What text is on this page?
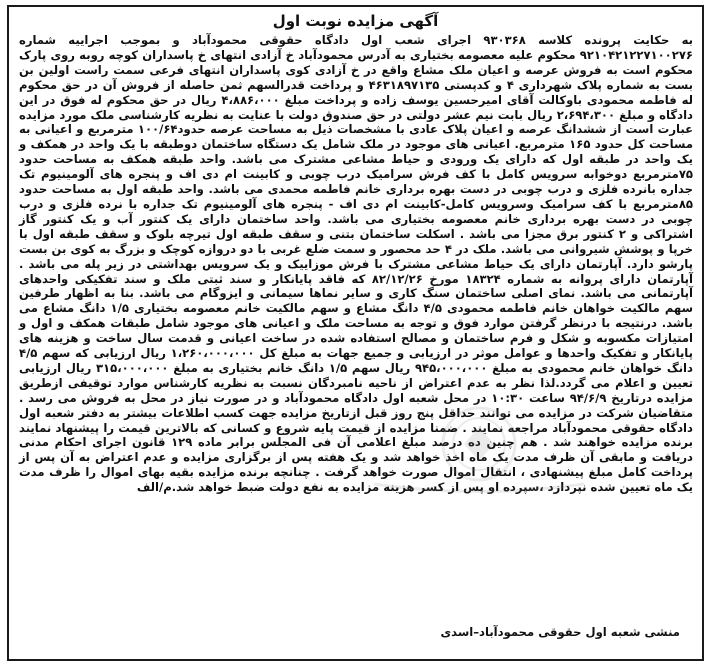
آگهی مزایده نوبت اول
به حکایت پرونده کلاسه ۹۳۰۳۶۸ اجرای شعب اول دادگاه حقوقی محمودآباد و بموجب اجراییه شماره ۹۲۱۰۴۲۱۲۲۷۱۰۰۲۷۶ محکوم علیه معصومه بختیاری به آدرس محمودآباد خ آزادی انتهای خ پاسداران کوچه روبه روی پارک محکوم است به فروش عرصه و اعیان ملک مشاع واقع در خ آزادی کوی پاسداران انتهای فرعی سمت راست اولین بن بست به شماره پلاک شهرداری ۴ و کدپستی ۴۶۳۱۸۹۷۱۳۵ و پرداخت قدرالسهم ثمن حاصله از فروش آن در حق محکوم له فاطمه محمودی باوکالت آقای امیرحسین یوسف زاده و پرداخت مبلغ ۴،۸۸۶،۰۰۰ ریال در حق محکوم له فوق در این دادگاه و مبلغ ۲،۶۹۴،۳۰۰ ریال بابت نیم عشر دولتی در حق صندوق دولت با عنایت به نظریه کارشناسی ملک مورد مزایده عبارت است از ششدانگ عرصه و اعیان پلاک عادی با مشخصات ذیل به مساحت عرصه حدود۱۰۰/۶۴ مترمربع و اعیانی به مساحت کل حدود ۱۶۵ مترمربع. اعیانی های موجود در ملک شامل یک دستگاه ساختمان دوطبقه با یک واحد در همکف و یک واحد در طبقه اول که دارای یک ورودی و حیاط مشاعی مشترک می باشد. واحد طبقه همکف به مساحت حدود ۷۵مترمربع دوخوابه سرویس کامل با کف فرش سرامیک درب چوبی و کابینت ام دی اف و پنجره های آلومینیوم تک جداره بانرده فلزی و درب چوبی در دست بهره برداری خانم فاطمه محمدی می باشد. واحد طبقه اول به مساحت حدود ۸۵مترمربع با کف سرامیک وسرویس کامل-کابینت ام دی اف - پنجره های آلومینیوم تک جداره با نرده فلزی و درب چوبی در دست بهره برداری خانم معصومه بختیاری می باشد. واحد ساختمان دارای یک کنتور آب و یک کنتور گاز اشتراکی و ۲ کنتور برق مجزا می باشد . اسکلت ساختمان بتنی و سقف طبقه اول تیرچه بلوک و سقف طبقه اول با خرپا و پوشش شیروانی می باشد. ملک در ۴ حد محصور و سمت ضلع غربی با دو دروازه کوچک و بزرگ به کوی بن بست پارشو دارد. آپارتمان دارای یک حیاط مشاعی مشترک با فرش موزاییک و یک سرویس بهداشتی در زیر پله می باشد . آپارتمان دارای پروانه به شماره ۱۸۳۲۴ مورخ ۸۲/۱۲/۲۶ که فاقد پایانکار و سند ثبتی ملک و سند تفکیکی واحدهای آپارتمانی می باشد. نمای اصلی ساختمان سنگ کاری و سایر نماها سیمانی و ایزوگام می باشد. بنا به اظهار طرفین سهم مالکیت خواهان خانم فاطمه محمودی ۴/۵ دانگ مشاع و سهم مالکیت خانم معصومه بختیاری ۱/۵ دانگ مشاع می باشد. درنتیجه با درنظر گرفتن موارد فوق و توجه به مساحت ملک و اعیانی های موجود شامل طبقات همکف و اول و امتیازات مکسوبه و شکل و فرم ساختمان و مصالح استفاده شده در ساخت اعیانی و قدمت سال ساخت و هزینه های پایانکار و تفکیک واحدها و عوامل موثر در ارزیابی و جمیع جهات به مبلغ کل ۱،۲۶۰،۰۰۰،۰۰۰ ریال ارزیابی که سهم ۴/۵ دانگ خواهان خانم محمودی به مبلغ ۹۴۵،۰۰۰،۰۰۰ ریال سهم ۱/۵ دانگ خانم بختیاری به مبلغ ۳۱۵،۰۰۰،۰۰۰ ریال ارزیابی تعیین و اعلام می گردد.لذا نظر به عدم اعتراض از ناحیه نامبردگان نسبت به نظریه کارشناس موارد توقیفی ازطریق مزایده درتاریخ ۹۴/۶/۹ ساعت ۱۰:۳۰ در محل شعبه اول دادگاه محمودآباد و در صورت نیاز در محل به فروش می رسد . متقاضیان شرکت در مزایده می توانند حداقل پنج روز قبل ازتاریخ مزایده جهت کسب اطلاعات بیشتر به دفتر شعبه اول دادگاه حقوقی محمودآباد مراجعه نمایند . ضمنا مزایده از قیمت پایه شروع و کسانی که بالاترین قیمت را پیشنهاد نمایند برنده مزایده خواهند شد . هم چنین ده درصد مبلغ اعلامی آن فی المجلس برابر ماده ۱۲۹ قانون اجرای احکام مدنی دریافت و مابقی آن ظرف مدت یک ماه اخذ خواهد شد و یک هفته پس از برگزاری مزایده و عدم اعتراض به آن پس از پرداخت کامل مبلغ پیشنهادی ، انتقال اموال صورت خواهد گرفت . چنانچه برنده مزایده بقیه بهای اموال را ظرف مدت یک ماه تعیین شده نپردازد ،سپرده او پس از کسر هزینه مزایده به نفع دولت ضبط خواهد شد.م/الف
منشی شعبه اول حقوقی محمودآباد–اسدی
